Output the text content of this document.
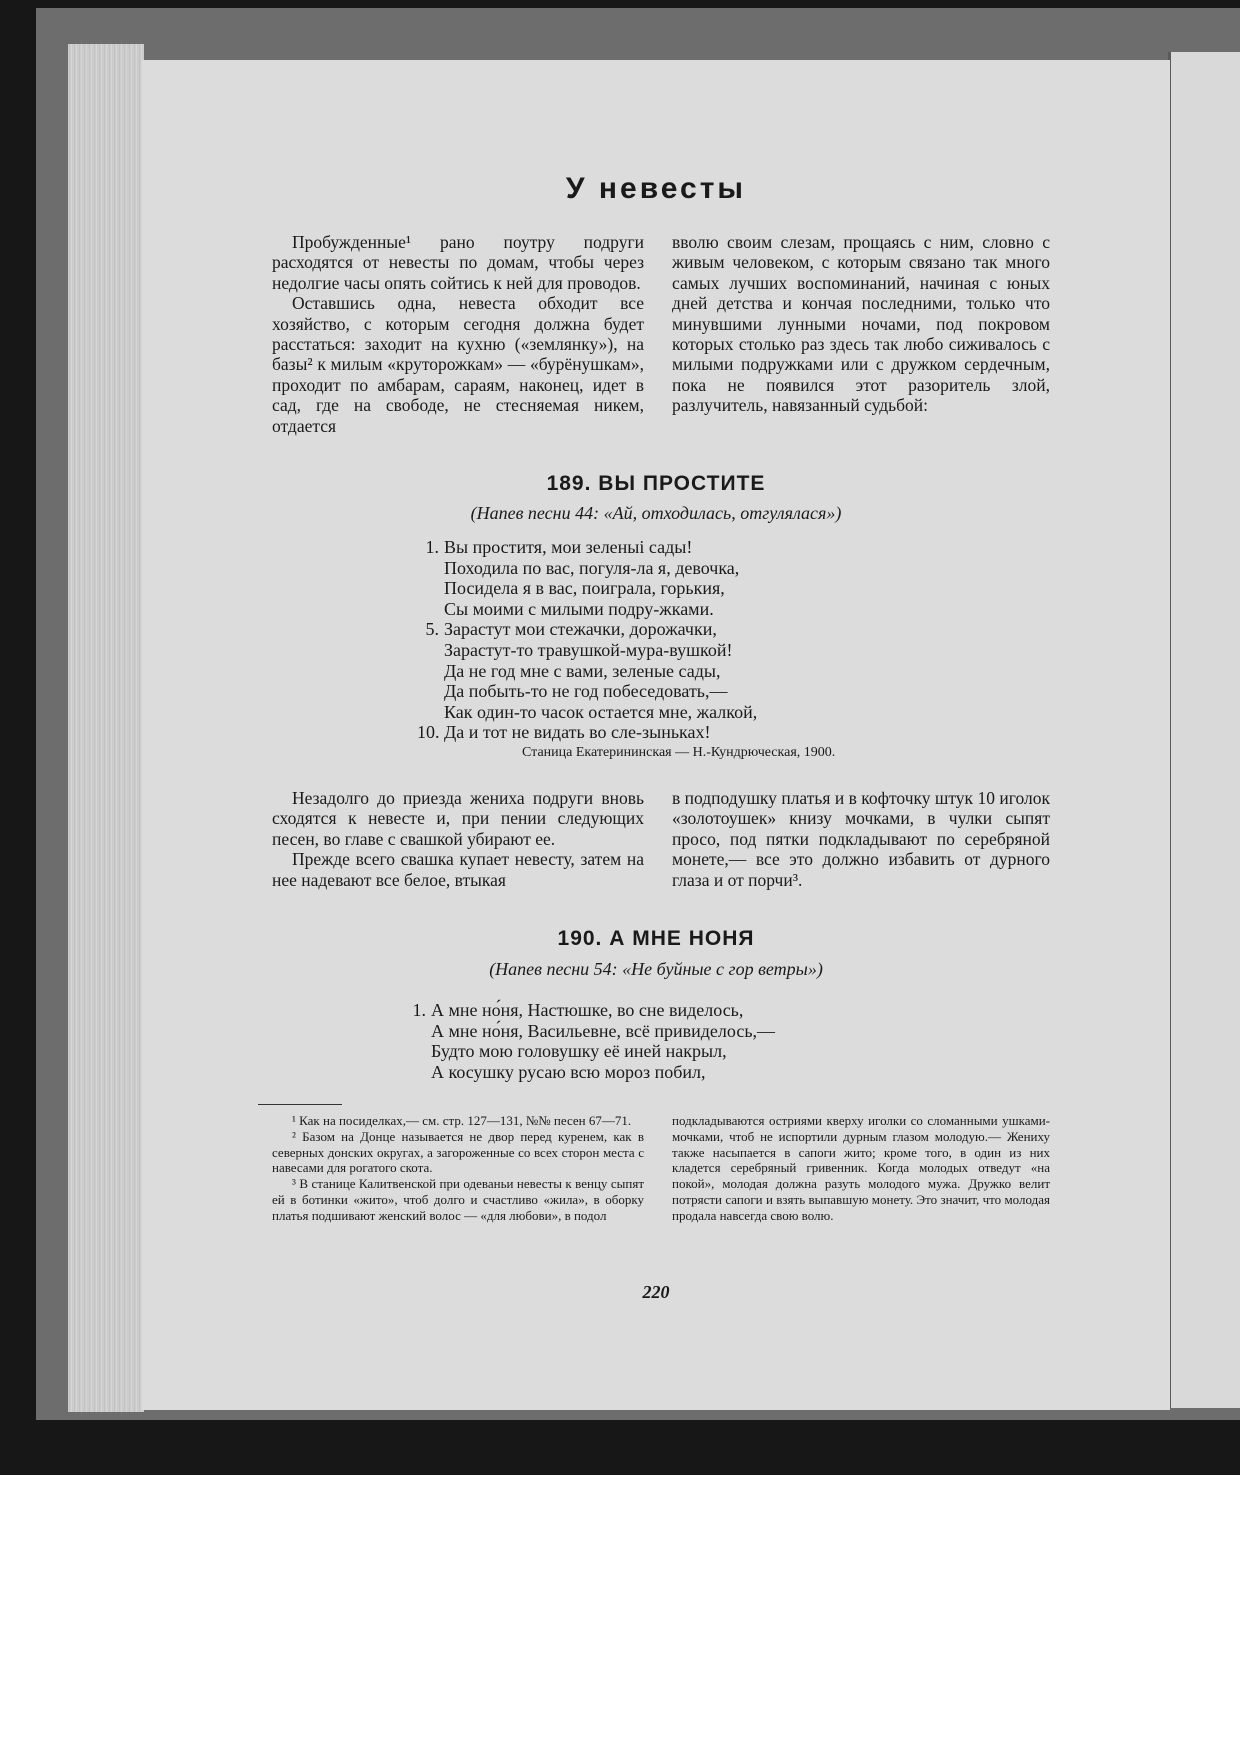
У невесты

Пробужденные¹ рано поутру подруги расходятся от невесты по домам, чтобы через недолгие часы опять сойтись к ней для проводов.

Оставшись одна, невеста обходит все хозяйство, с которым сегодня должна будет расстаться: заходит на кухню («землянку»), на базы² к милым «круторожкам» — «бурёнушкам», проходит по амбарам, сараям, наконец, идет в сад, где на свободе, не стесняемая никем, отдается

вволю своим слезам, прощаясь с ним, словно с живым человеком, с которым связано так много самых лучших воспоминаний, начиная с юных дней детства и кончая последними, только что минувшими лунными ночами, под покровом которых столько раз здесь так любо сиживалось с милыми подружками или с дружком сердечным, пока не появился этот разоритель злой, разлучитель, навязанный судьбой:

189. ВЫ ПРОСТИТЕ
(Напев песни 44: «Ай, отходилась, отгулялася»)
1. Вы проститя, мои зеленыі сады!
Походила по вас, погуля-ла я, девочка,
Посидела я в вас, поиграла, горькия,
Сы моими с милыми подру-жками.
5. Зарастут мои стежачки, дорожачки,
Зарастут-то травушкой-мура-вушкой!
Да не год мне с вами, зеленые сады,
Да побыть-то не год побеседовать,—
Как один-то часок остается мне, жалкой,
10. Да и тот не видать во сле-зыньках!
Станица Екатерининская — Н.-Кундрюческая, 1900.

Незадолго до приезда жениха подруги вновь сходятся к невесте и, при пении следующих песен, во главе с свашкой убирают ее.

Прежде всего свашка купает невесту, затем на нее надевают все белое, втыкая

в подподушку платья и в кофточку штук 10 иголок «золотоушек» книзу мочками, в чулки сыпят просо, под пятки подкладывают по серебряной монете,— все это должно избавить от дурного глаза и от порчи³.

190. А МНЕ НОНЯ
(Напев песни 54: «Не буйные с гор ветры»)
1. А мне но́ня, Настюшке, во сне виделось,
А мне но́ня, Васильевне, всё привиделось,—
Будто мою головушку её иней накрыл,
А косушку русаю всю мороз побил,

¹ Как на посиделках,— см. стр. 127—131, №№ песен 67—71.

² Базом на Донце называется не двор перед куренем, как в северных донских округах, а загороженные со всех сторон места с навесами для рогатого скота.

³ В станице Калитвенской при одеваньи невесты к венцу сыпят ей в ботинки «жито», чтоб долго и счастливо «жила», в оборку платья подшивают женский волос — «для любови», в подол

подкладываются остриями кверху иголки со сломанными ушками-мочками, чтоб не испортили дурным глазом молодую.— Жениху также насыпается в сапоги жито; кроме того, в один из них кладется серебряный гривенник. Когда молодых отведут «на покой», молодая должна разуть молодого мужа. Дружко велит потрясти сапоги и взять выпавшую монету. Это значит, что молодая продала навсегда свою волю.

220
